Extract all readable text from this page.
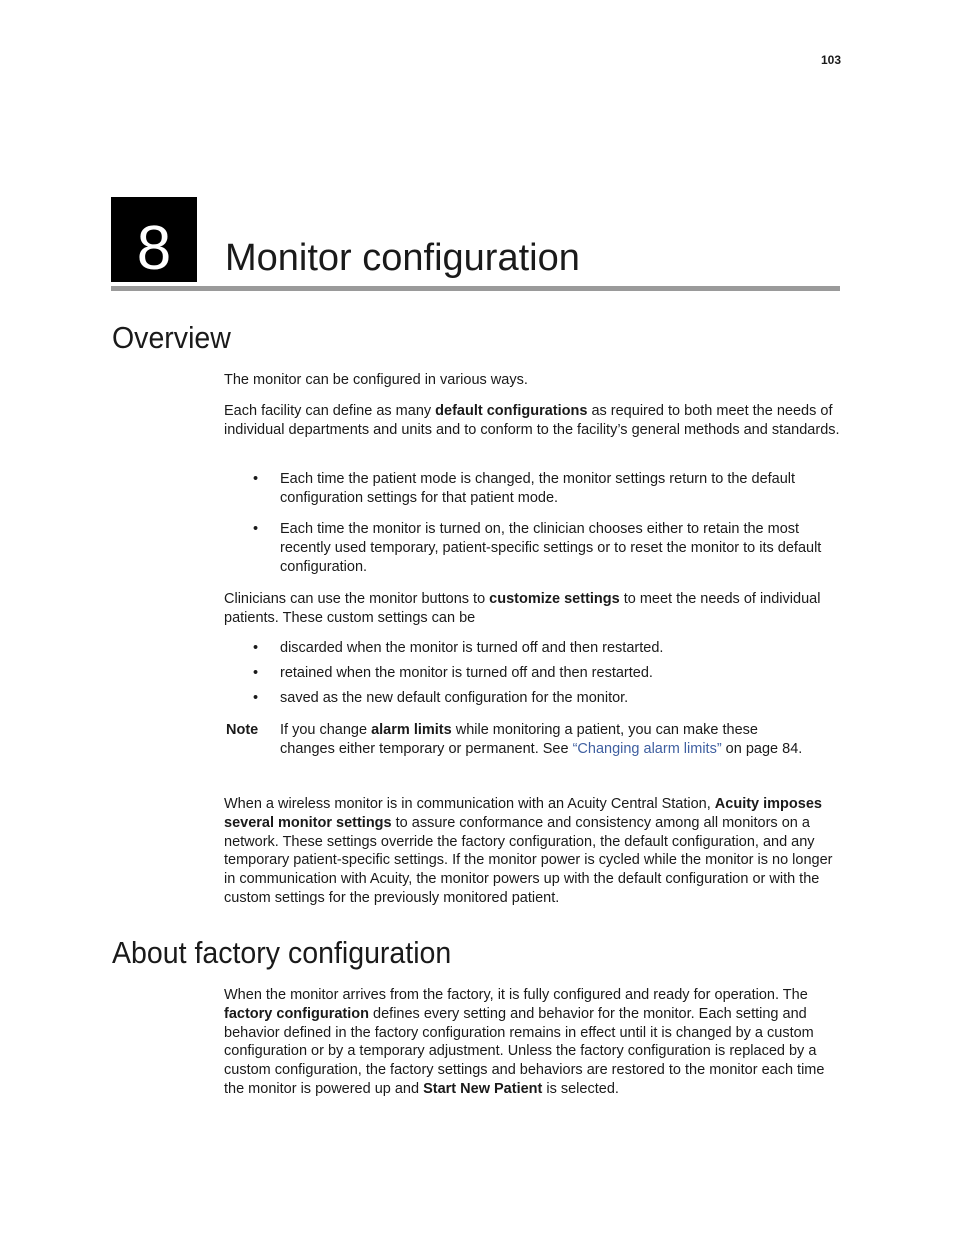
103
8 Monitor configuration
Overview

The monitor can be configured in various ways.

Each facility can define as many default configurations as required to both meet the needs of individual departments and units and to conform to the facility’s general methods and standards.

• Each time the patient mode is changed, the monitor settings return to the default configuration settings for that patient mode.
• Each time the monitor is turned on, the clinician chooses either to retain the most recently used temporary, patient-specific settings or to reset the monitor to its default configuration.

Clinicians can use the monitor buttons to customize settings to meet the needs of individual patients. These custom settings can be

• discarded when the monitor is turned off and then restarted.
• retained when the monitor is turned off and then restarted.
• saved as the new default configuration for the monitor.
Note If you change alarm limits while monitoring a patient, you can make these changes either temporary or permanent. See “Changing alarm limits” on page 84.

When a wireless monitor is in communication with an Acuity Central Station, Acuity imposes several monitor settings to assure conformance and consistency among all monitors on a network. These settings override the factory configuration, the default configuration, and any temporary patient-specific settings. If the monitor power is cycled while the monitor is no longer in communication with Acuity, the monitor powers up with the default configuration or with the custom settings for the previously monitored patient.

About factory configuration

When the monitor arrives from the factory, it is fully configured and ready for operation. The factory configuration defines every setting and behavior for the monitor. Each setting and behavior defined in the factory configuration remains in effect until it is changed by a custom configuration or by a temporary adjustment. Unless the factory configuration is replaced by a custom configuration, the factory settings and behaviors are restored to the monitor each time the monitor is powered up and Start New Patient is selected.
